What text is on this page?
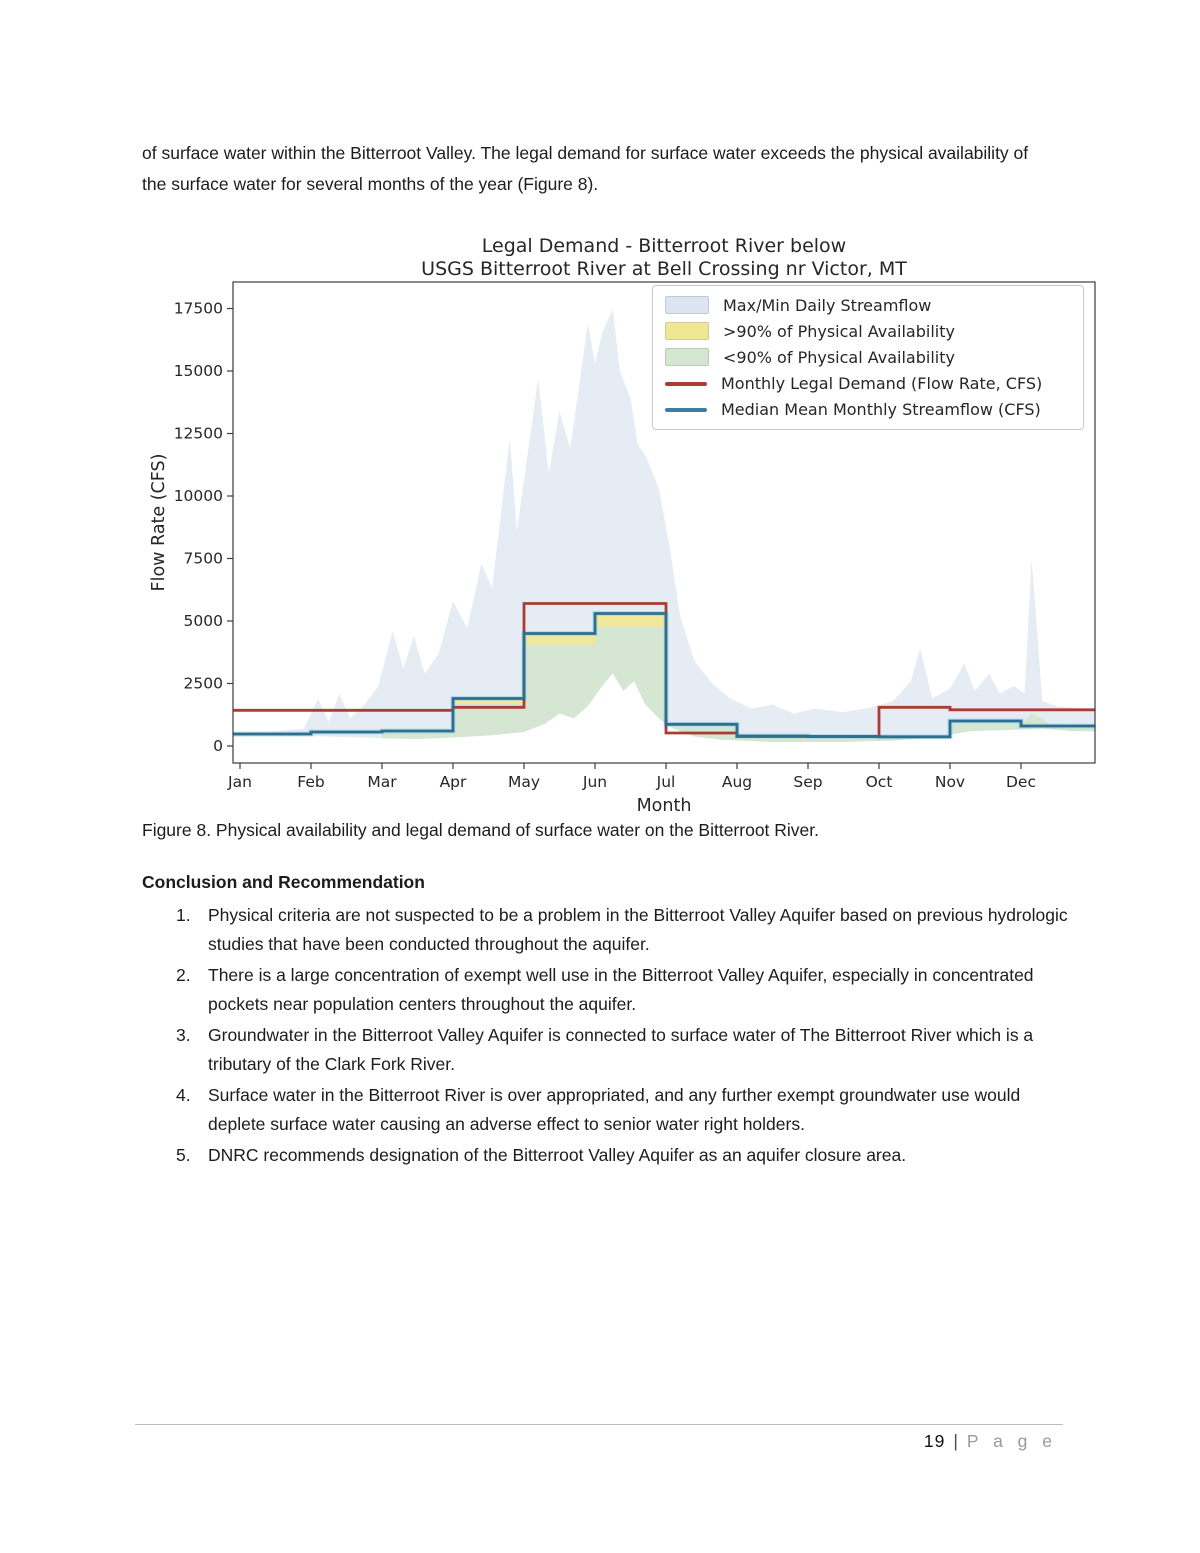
of surface water within the Bitterroot Valley. The legal demand for surface water exceeds the physical availability of the surface water for several months of the year (Figure 8).

Legal Demand - Bitterroot River below
USGS Bitterroot River at Bell Crossing nr Victor, MT
0
2500
5000
7500
10000
12500
15000
17500
Jan	Feb	Mar	Apr	May	Jun	Jul	Aug	Sep	Oct	Nov	Dec
Month
Flow Rate (CFS)
Max/Min Daily Streamflow
>90% of Physical Availability
<90% of Physical Availability
Monthly Legal Demand (Flow Rate, CFS)
Median Mean Monthly Streamflow (CFS)

Figure 8. Physical availability and legal demand of surface water on the Bitterroot River.

Conclusion and Recommendation
Physical criteria are not suspected to be a problem in the Bitterroot Valley Aquifer based on previous hydrologic studies that have been conducted throughout the aquifer.
There is a large concentration of exempt well use in the Bitterroot Valley Aquifer, especially in concentrated pockets near population centers throughout the aquifer.
Groundwater in the Bitterroot Valley Aquifer is connected to surface water of The Bitterroot River which is a tributary of the Clark Fork River.
Surface water in the Bitterroot River is over appropriated, and any further exempt groundwater use would deplete surface water causing an adverse effect to senior water right holders.
DNRC recommends designation of the Bitterroot Valley Aquifer as an aquifer closure area.
19 | P a g e
